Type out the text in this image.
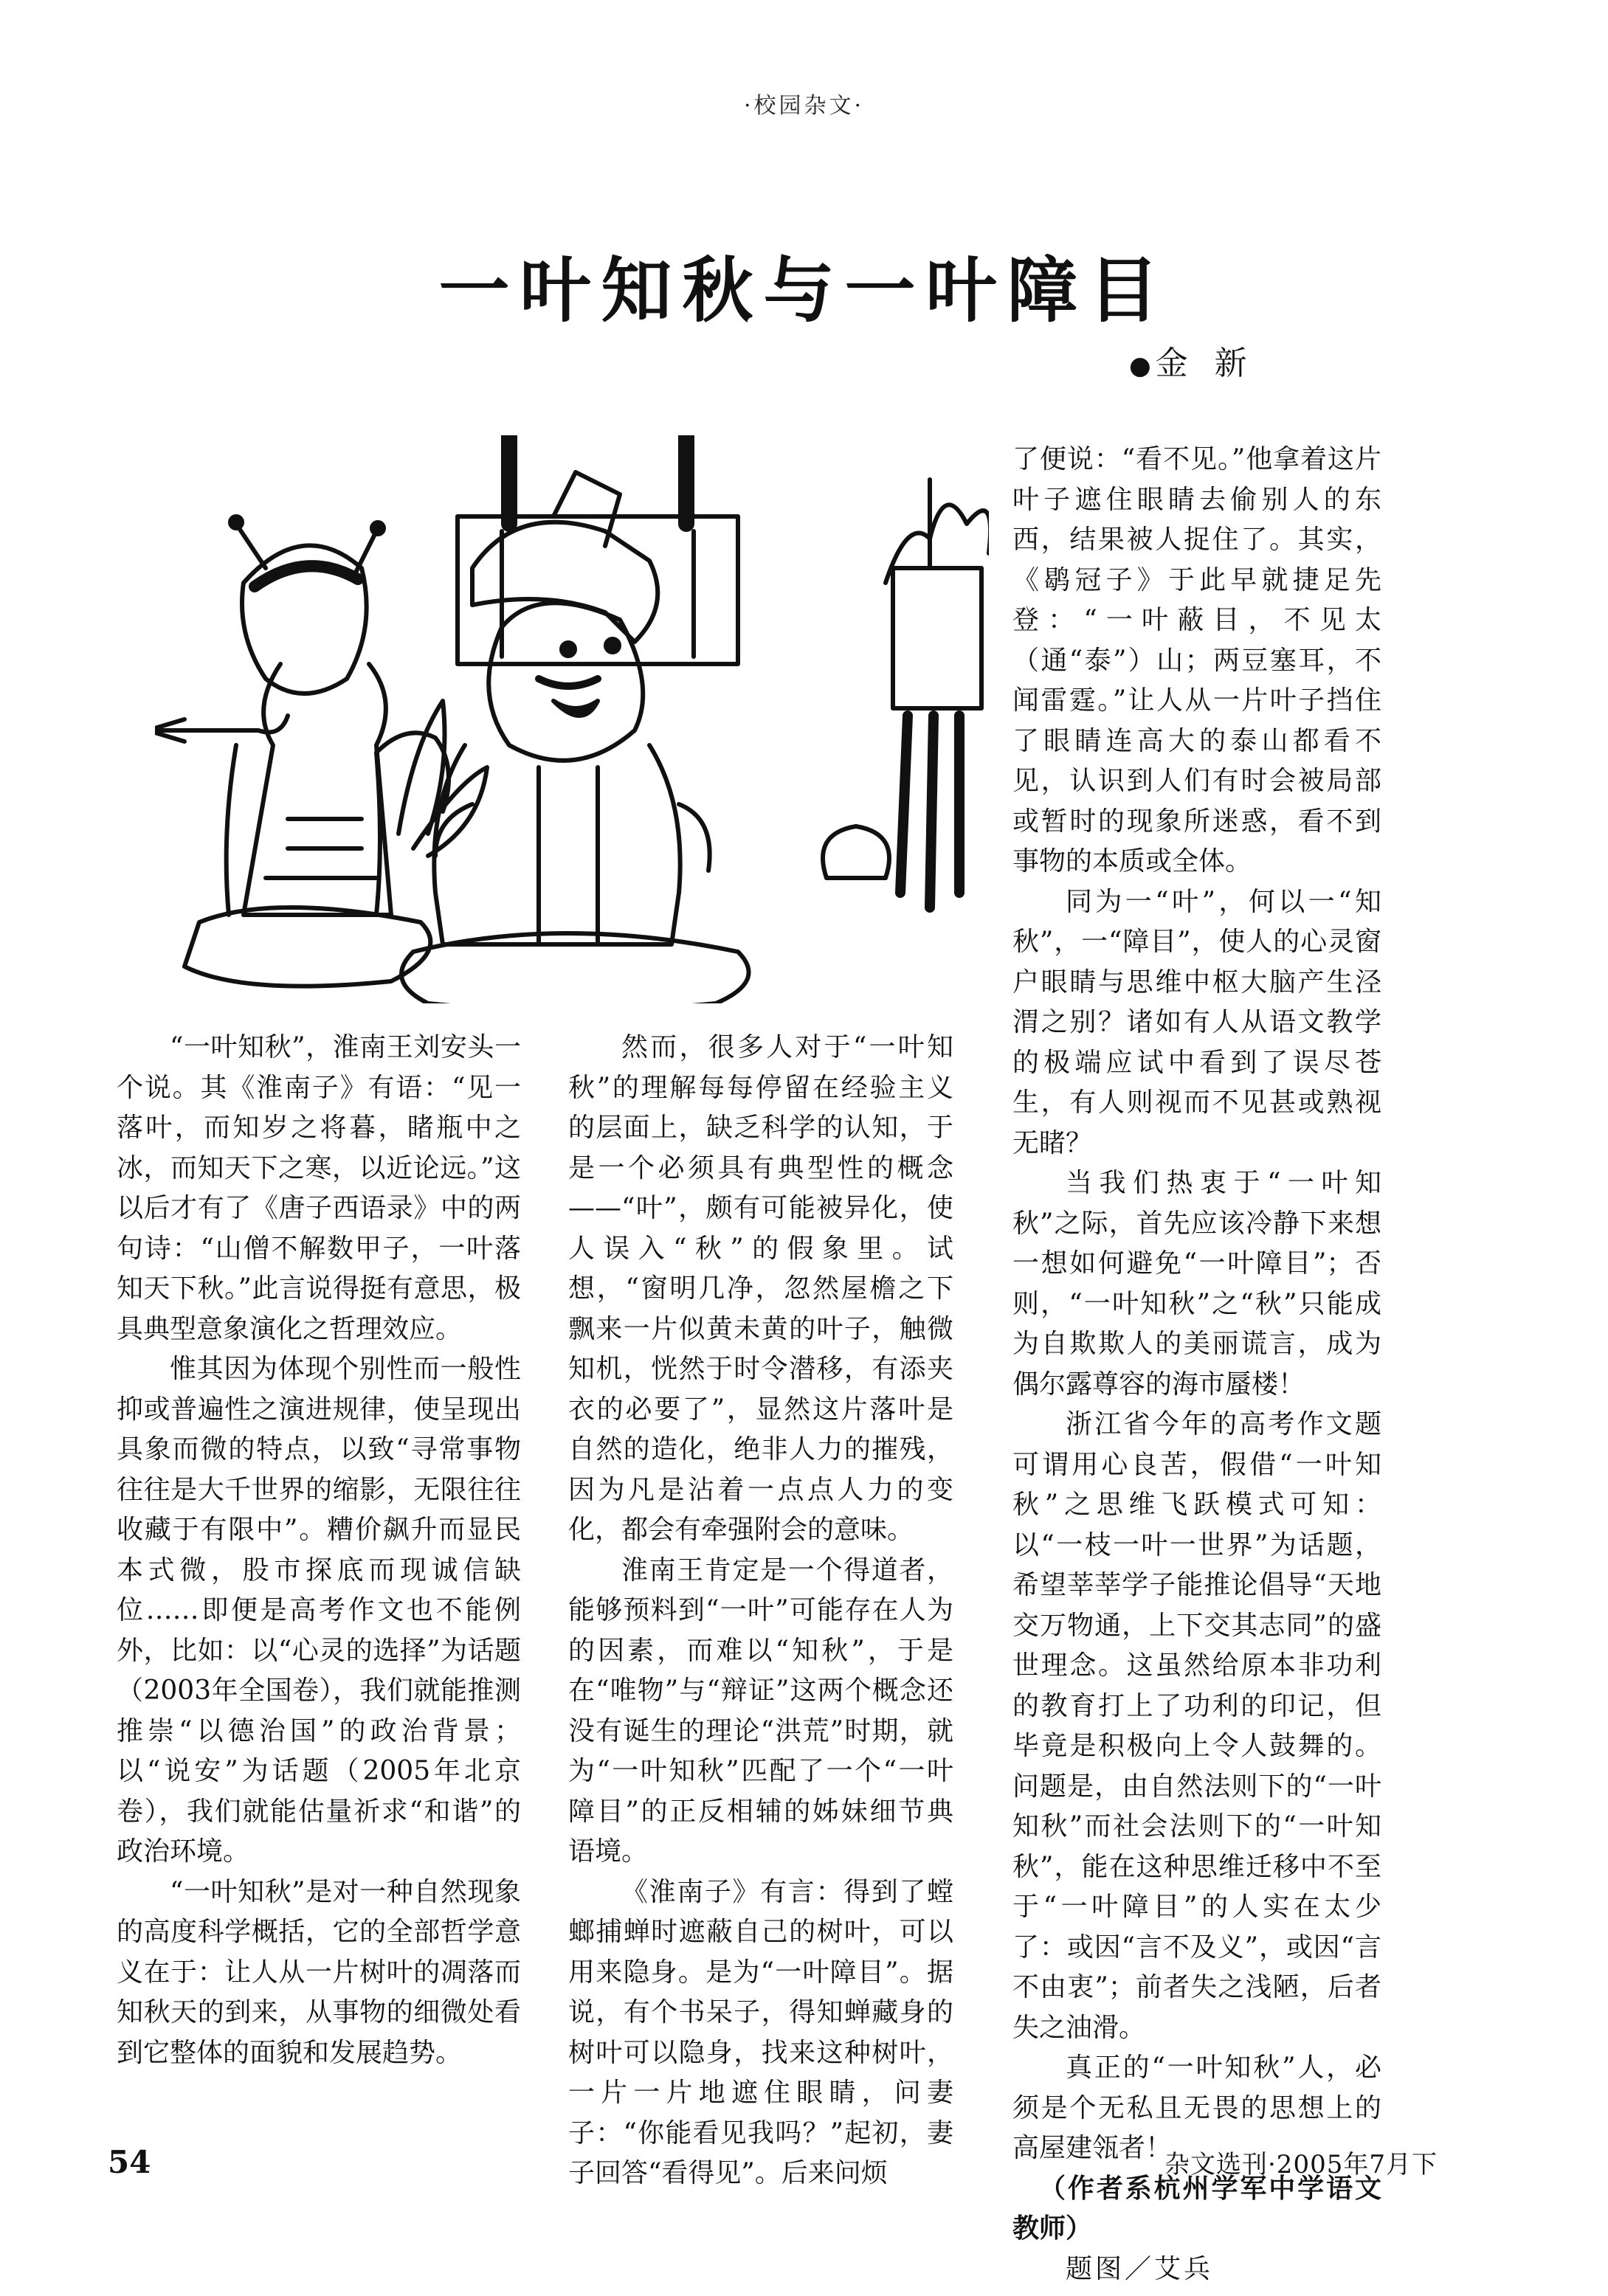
·校园杂文·
一叶知秋与一叶障目
● 金新

了便说：“看不见。”他拿着这片叶子遮住眼睛去偷别人的东西，结果被人捉住了。其实，《鹖冠子》于此早就捷足先登：“一叶蔽目，不见太（通“泰”）山；两豆塞耳，不闻雷霆。”让人从一片叶子挡住了眼睛连高大的泰山都看不见，认识到人们有时会被局部或暂时的现象所迷惑，看不到事物的本质或全体。

同为一“叶”，何以一“知秋”，一“障目”，使人的心灵窗户眼睛与思维中枢大脑产生泾渭之别？诸如有人从语文教学的极端应试中看到了误尽苍生，有人则视而不见甚或熟视无睹？

当我们热衷于“一叶知秋”之际，首先应该冷静下来想一想如何避免“一叶障目”；否则，“一叶知秋”之“秋”只能成为自欺欺人的美丽谎言，成为偶尔露尊容的海市蜃楼！

浙江省今年的高考作文题可谓用心良苦，假借“一叶知秋”之思维飞跃模式可知：以“一枝一叶一世界”为话题，希望莘莘学子能推论倡导“天地交万物通，上下交其志同”的盛世理念。这虽然给原本非功利的教育打上了功利的印记，但毕竟是积极向上令人鼓舞的。问题是，由自然法则下的“一叶知秋”而社会法则下的“一叶知秋”，能在这种思维迁移中不至于“一叶障目”的人实在太少了：或因“言不及义”，或因“言不由衷”；前者失之浅陋，后者失之油滑。

真正的“一叶知秋”人，必须是个无私且无畏的思想上的高屋建瓴者！

（作者系杭州学军中学语文教师）

题图／艾兵

“一叶知秋”，淮南王刘安头一个说。其《淮南子》有语：“见一落叶，而知岁之将暮，睹瓶中之冰，而知天下之寒，以近论远。”这以后才有了《唐子西语录》中的两句诗：“山僧不解数甲子，一叶落知天下秋。”此言说得挺有意思，极具典型意象演化之哲理效应。

惟其因为体现个别性而一般性抑或普遍性之演进规律，使呈现出具象而微的特点，以致“寻常事物往往是大千世界的缩影，无限往往收藏于有限中”。糟价飙升而显民本式微，股市探底而现诚信缺位……即便是高考作文也不能例外，比如：以“心灵的选择”为话题（2003年全国卷），我们就能推测推崇“以德治国”的政治背景；以“说安”为话题（2005年北京卷），我们就能估量祈求“和谐”的政治环境。

“一叶知秋”是对一种自然现象的高度科学概括，它的全部哲学意义在于：让人从一片树叶的凋落而知秋天的到来，从事物的细微处看到它整体的面貌和发展趋势。

然而，很多人对于“一叶知秋”的理解每每停留在经验主义的层面上，缺乏科学的认知，于是一个必须具有典型性的概念——“叶”，颇有可能被异化，使人误入“秋”的假象里。试想，“窗明几净，忽然屋檐之下飘来一片似黄未黄的叶子，触微知机，恍然于时令潜移，有添夹衣的必要了”，显然这片落叶是自然的造化，绝非人力的摧残，因为凡是沾着一点点人力的变化，都会有牵强附会的意味。

淮南王肯定是一个得道者，能够预料到“一叶”可能存在人为的因素，而难以“知秋”，于是在“唯物”与“辩证”这两个概念还没有诞生的理论“洪荒”时期，就为“一叶知秋”匹配了一个“一叶障目”的正反相辅的姊妹细节典语境。

《淮南子》有言：得到了螳螂捕蝉时遮蔽自己的树叶，可以用来隐身。是为“一叶障目”。据说，有个书呆子，得知蝉藏身的树叶可以隐身，找来这种树叶，一片一片地遮住眼睛，问妻子：“你能看见我吗？”起初，妻子回答“看得见”。后来问烦

54	杂文选刊·2005年7月下
